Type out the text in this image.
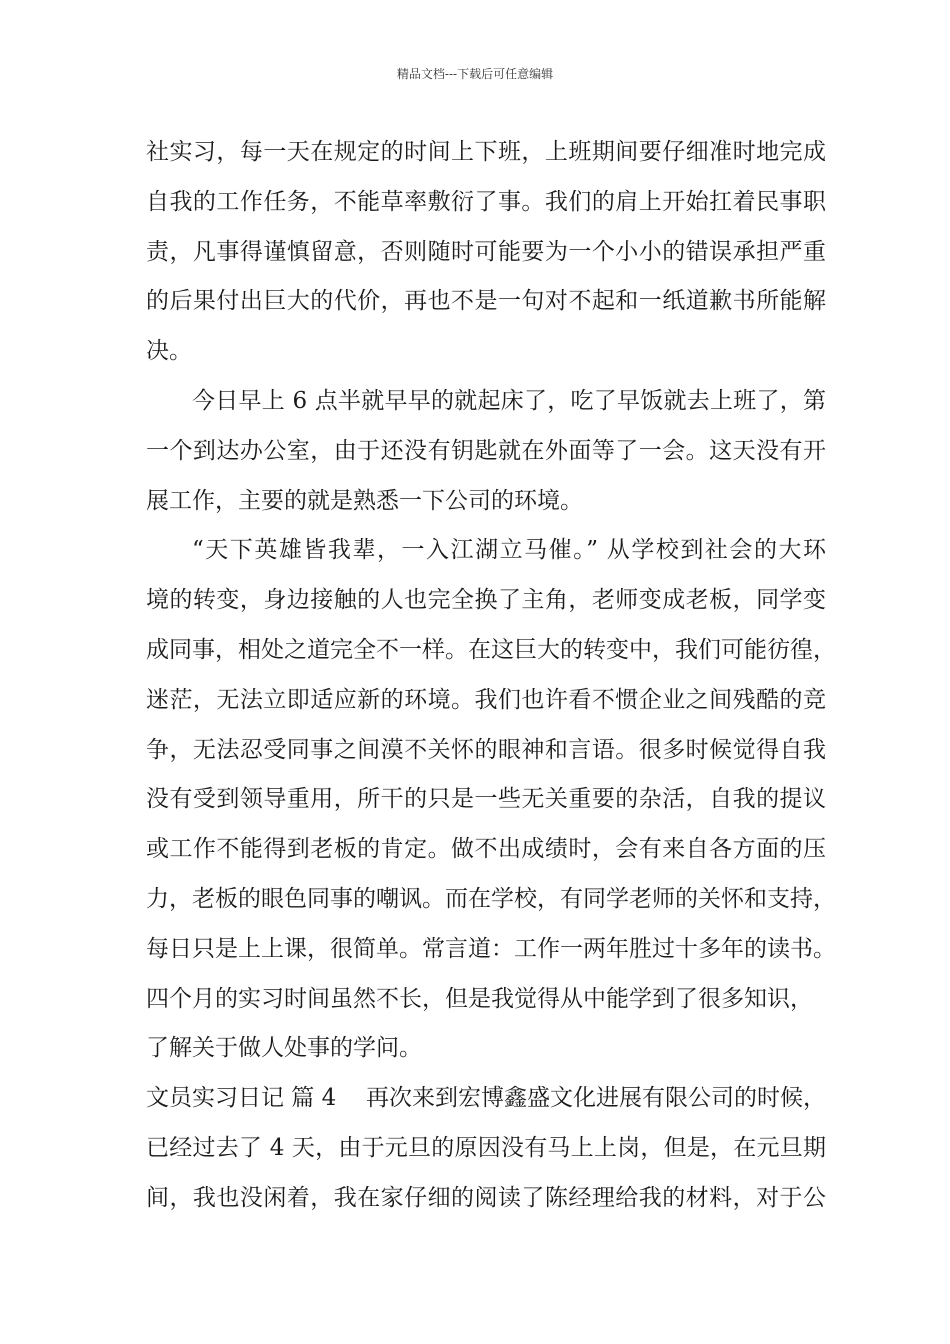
精品文档---下载后可任意编辑
社实习，每一天在规定的时间上下班，上班期间要仔细准时地完成
自我的工作任务，不能草率敷衍了事。我们的肩上开始扛着民事职
责，凡事得谨慎留意，否则随时可能要为一个小小的错误承担严重
的后果付出巨大的代价，再也不是一句对不起和一纸道歉书所能解
决。
今日早上 6 点半就早早的就起床了，吃了早饭就去上班了，第
一个到达办公室，由于还没有钥匙就在外面等了一会。这天没有开
展工作，主要的就是熟悉一下公司的环境。
“天下英雄皆我辈，一入江湖立马催。” 从学校到社会的大环
境的转变，身边接触的人也完全换了主角，老师变成老板，同学变
成同事，相处之道完全不一样。在这巨大的转变中，我们可能彷徨，
迷茫，无法立即适应新的环境。我们也许看不惯企业之间残酷的竞
争，无法忍受同事之间漠不关怀的眼神和言语。很多时候觉得自我
没有受到领导重用，所干的只是一些无关重要的杂活，自我的提议
或工作不能得到老板的肯定。做不出成绩时，会有来自各方面的压
力，老板的眼色同事的嘲讽。而在学校，有同学老师的关怀和支持，
每日只是上上课，很简单。常言道：工作一两年胜过十多年的读书。
四个月的实习时间虽然不长，但是我觉得从中能学到了很多知识，
了解关于做人处事的学问。
文员实习日记 篇 4 再次来到宏博鑫盛文化进展有限公司的时候，
已经过去了 4 天，由于元旦的原因没有马上上岗，但是，在元旦期
间，我也没闲着，我在家仔细的阅读了陈经理给我的材料，对于公
